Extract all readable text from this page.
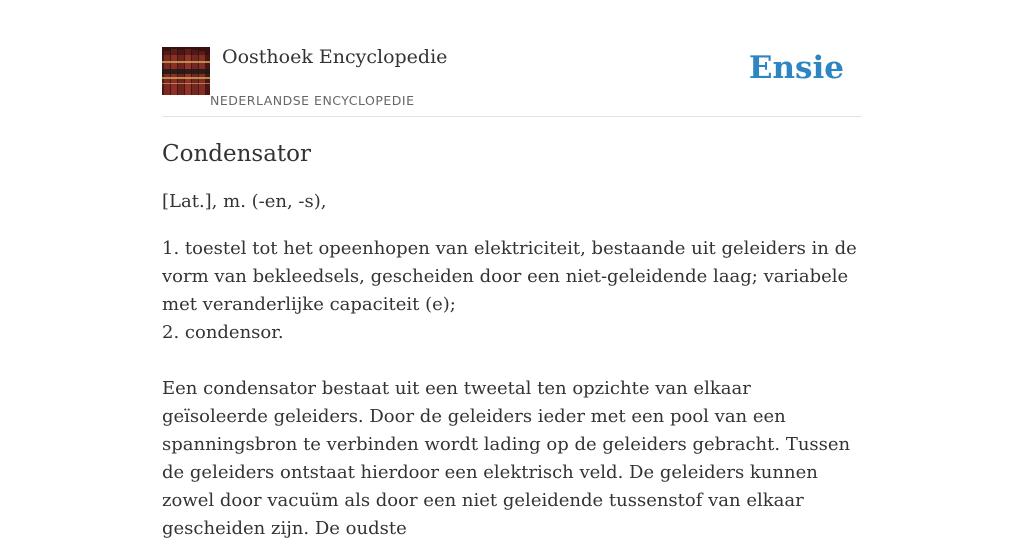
Oosthoek Encyclopedie
NEDERLANDSE ENCYCLOPEDIE
Ensie
Condensator

[Lat.], m. (-en, -s),

1. toestel tot het opeenhopen van elektriciteit, bestaande uit geleiders in de vorm van bekleedsels, gescheiden door een niet-geleidende laag; variabele met veranderlijke capaciteit (e);

2. condensor.

Een condensator bestaat uit een tweetal ten opzichte van elkaar geïsoleerde geleiders. Door de geleiders ieder met een pool van een spanningsbron te verbinden wordt lading op de geleiders gebracht. Tussen de geleiders ontstaat hierdoor een elektrisch veld. De geleiders kunnen zowel door vacuüm als door een niet geleidende tussenstof van elkaar gescheiden zijn. De oudste
